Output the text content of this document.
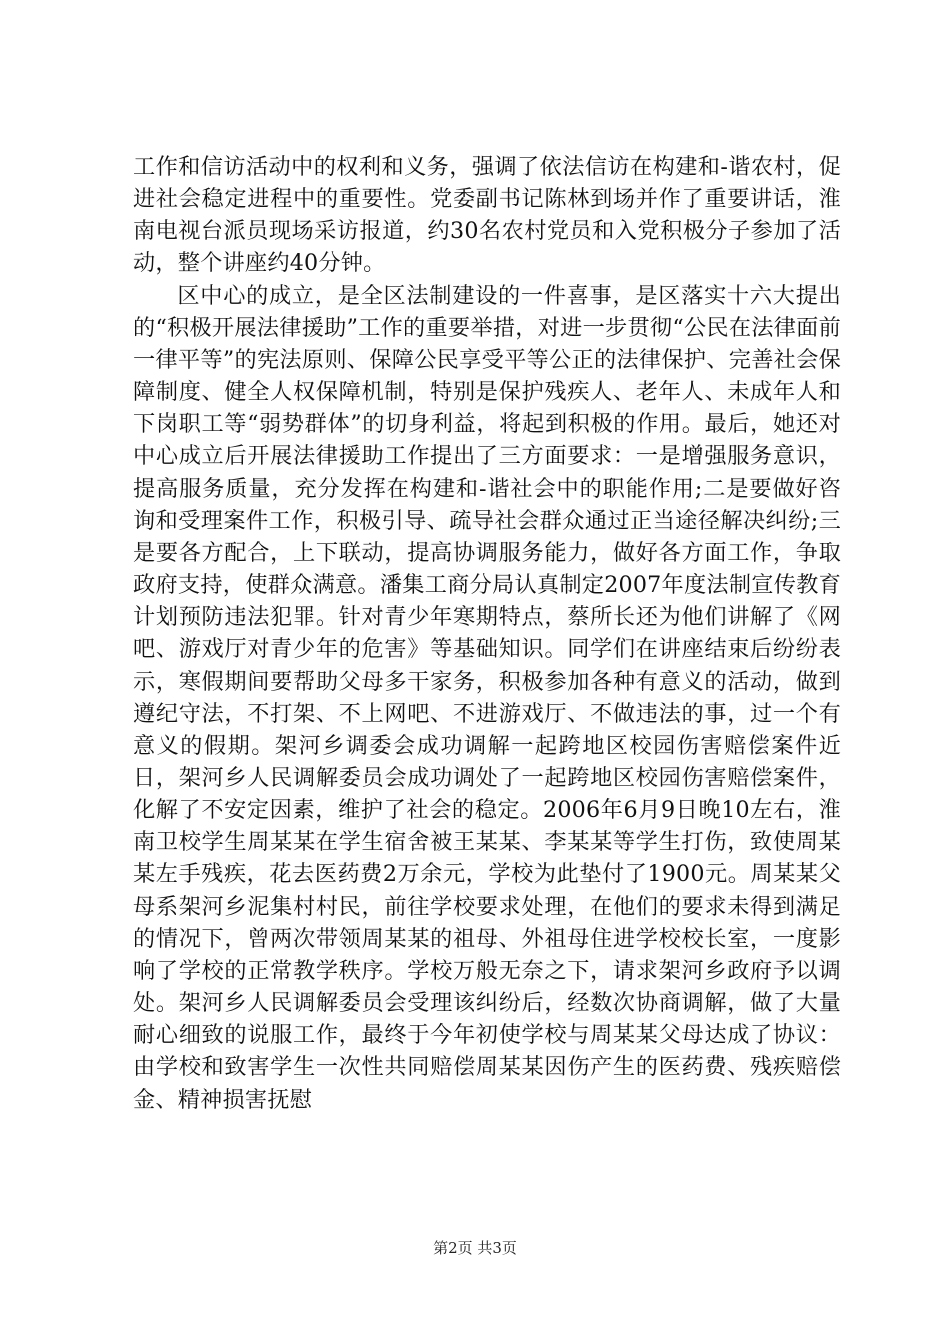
工作和信访活动中的权利和义务，强调了依法信访在构建和-谐农村，促进社会稳定进程中的重要性。党委副书记陈林到场并作了重要讲话，淮南电视台派员现场采访报道，约30名农村党员和入党积极分子参加了活动，整个讲座约40分钟。

区中心的成立，是全区法制建设的一件喜事，是区落实十六大提出的“积极开展法律援助”工作的重要举措，对进一步贯彻“公民在法律面前一律平等”的宪法原则、保障公民享受平等公正的法律保护、完善社会保障制度、健全人权保障机制，特别是保护残疾人、老年人、未成年人和下岗职工等“弱势群体”的切身利益，将起到积极的作用。最后，她还对中心成立后开展法律援助工作提出了三方面要求：一是增强服务意识，提高服务质量，充分发挥在构建和-谐社会中的职能作用;二是要做好咨询和受理案件工作，积极引导、疏导社会群众通过正当途径解决纠纷;三是要各方配合，上下联动，提高协调服务能力，做好各方面工作，争取政府支持，使群众满意。潘集工商分局认真制定2007年度法制宣传教育计划预防违法犯罪。针对青少年寒期特点，蔡所长还为他们讲解了《网吧、游戏厅对青少年的危害》等基础知识。同学们在讲座结束后纷纷表示，寒假期间要帮助父母多干家务，积极参加各种有意义的活动，做到遵纪守法，不打架、不上网吧、不进游戏厅、不做违法的事，过一个有意义的假期。架河乡调委会成功调解一起跨地区校园伤害赔偿案件近日，架河乡人民调解委员会成功调处了一起跨地区校园伤害赔偿案件，化解了不安定因素，维护了社会的稳定。2006年6月9日晚10左右，淮南卫校学生周某某在学生宿舍被王某某、李某某等学生打伤，致使周某某左手残疾，花去医药费2万余元，学校为此垫付了1900元。周某某父母系架河乡泥集村村民，前往学校要求处理，在他们的要求未得到满足的情况下，曾两次带领周某某的祖母、外祖母住进学校校长室，一度影响了学校的正常教学秩序。学校万般无奈之下，请求架河乡政府予以调处。架河乡人民调解委员会受理该纠纷后，经数次协商调解，做了大量耐心细致的说服工作，最终于今年初使学校与周某某父母达成了协议：由学校和致害学生一次性共同赔偿周某某因伤产生的医药费、残疾赔偿金、精神损害抚慰

第2页 共3页
